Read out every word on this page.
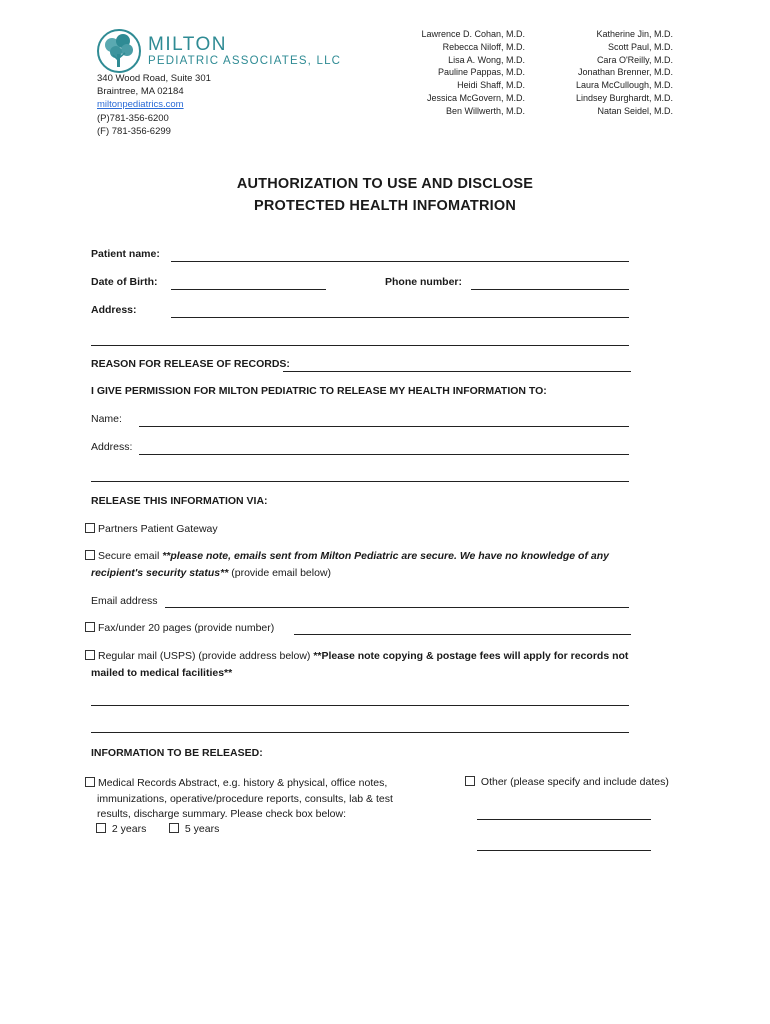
MILTON
PEDIATRIC ASSOCIATES, LLC
340 Wood Road, Suite 301
Braintree, MA 02184
miltonpediatrics.com
(P)781-356-6200
(F) 781-356-6299
Lawrence D. Cohan, M.D.
Rebecca Niloff, M.D.
Lisa A. Wong, M.D.
Pauline Pappas, M.D.
Heidi Shaff, M.D.
Jessica McGovern, M.D.
Ben Willwerth, M.D.
Katherine Jin, M.D.
Scott Paul, M.D.
Cara O'Reilly, M.D.
Jonathan Brenner, M.D.
Laura McCullough, M.D.
Lindsey Burghardt, M.D.
Natan Seidel, M.D.
AUTHORIZATION TO USE AND DISCLOSE
PROTECTED HEALTH INFOMATRION
Patient name:
Date of Birth:	Phone number:
Address:
REASON FOR RELEASE OF RECORDS:
I GIVE PERMISSION FOR MILTON PEDIATRIC TO RELEASE MY HEALTH INFORMATION TO:
Name:
Address:
RELEASE THIS INFORMATION VIA:
Partners Patient Gateway
Secure email **please note, emails sent from Milton Pediatric are secure. We have no knowledge of any
recipient's security status** (provide email below)
Email address
Fax/under 20 pages (provide number)
Regular mail (USPS) (provide address below) **Please note copying & postage fees will apply for records not
mailed to medical facilities**
INFORMATION TO BE RELEASED:
Medical Records Abstract, e.g. history & physical, office notes,
immunizations, operative/procedure reports, consults, lab & test
results, discharge summary. Please check box below:
2 years	5 years
Other (please specify and include dates)
